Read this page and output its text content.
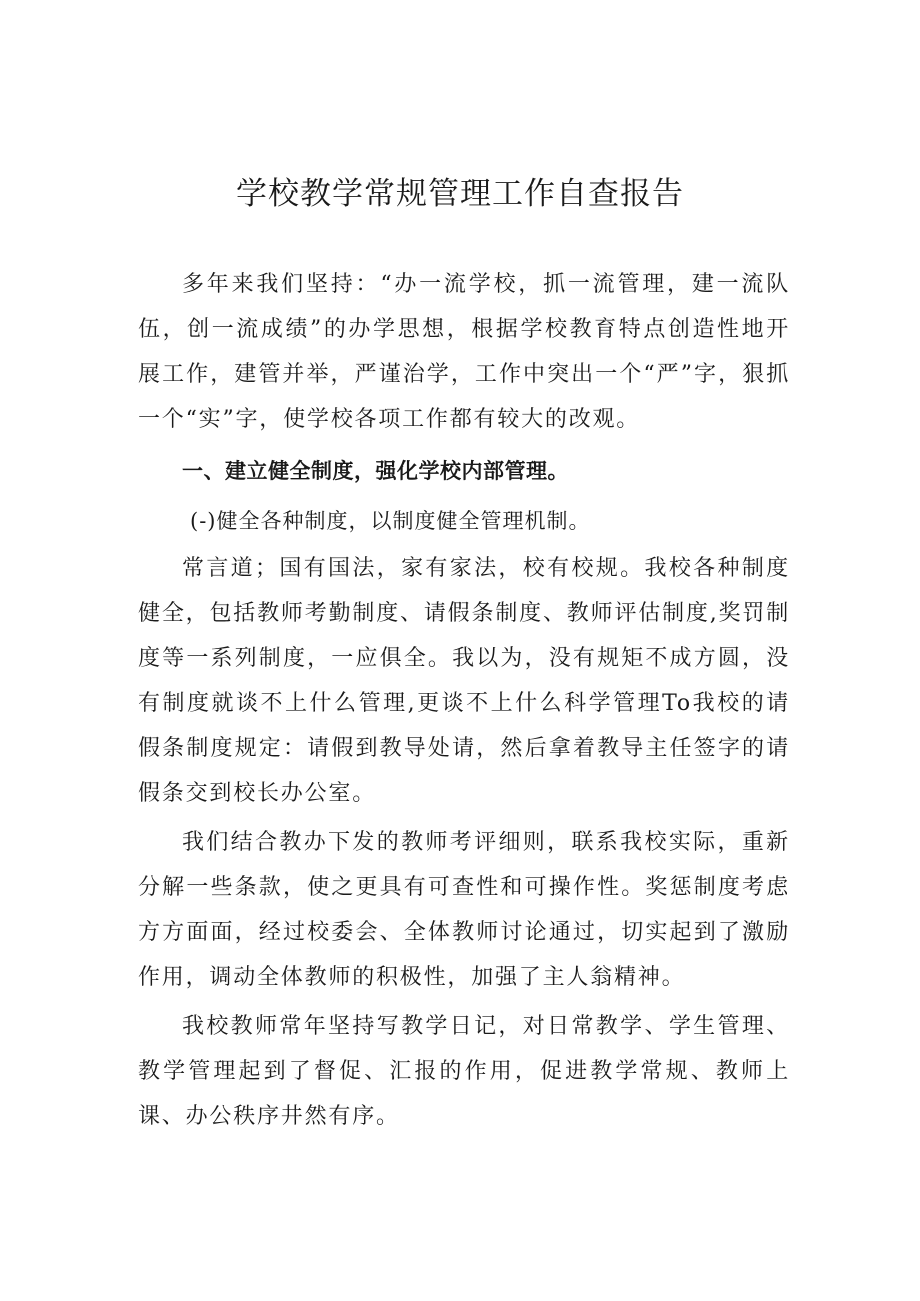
学校教学常规管理工作自查报告

多年来我们坚持：“办一流学校，抓一流管理，建一流队伍，创一流成绩”的办学思想，根据学校教育特点创造性地开展工作，建管并举，严谨治学，工作中突出一个“严”字，狠抓一个“实”字，使学校各项工作都有较大的改观。

一、建立健全制度，强化学校内部管理。

(-)健全各种制度，以制度健全管理机制。

常言道；国有国法，家有家法，校有校规。我校各种制度健全，包括教师考勤制度、请假条制度、教师评估制度,奖罚制度等一系列制度，一应俱全。我以为，没有规矩不成方圆，没有制度就谈不上什么管理,更谈不上什么科学管理To我校的请假条制度规定：请假到教导处请，然后拿着教导主任签字的请假条交到校长办公室。

我们结合教办下发的教师考评细则，联系我校实际，重新分解一些条款，使之更具有可查性和可操作性。奖惩制度考虑方方面面，经过校委会、全体教师讨论通过，切实起到了激励作用，调动全体教师的积极性，加强了主人翁精神。

我校教师常年坚持写教学日记，对日常教学、学生管理、教学管理起到了督促、汇报的作用，促进教学常规、教师上课、办公秩序井然有序。
